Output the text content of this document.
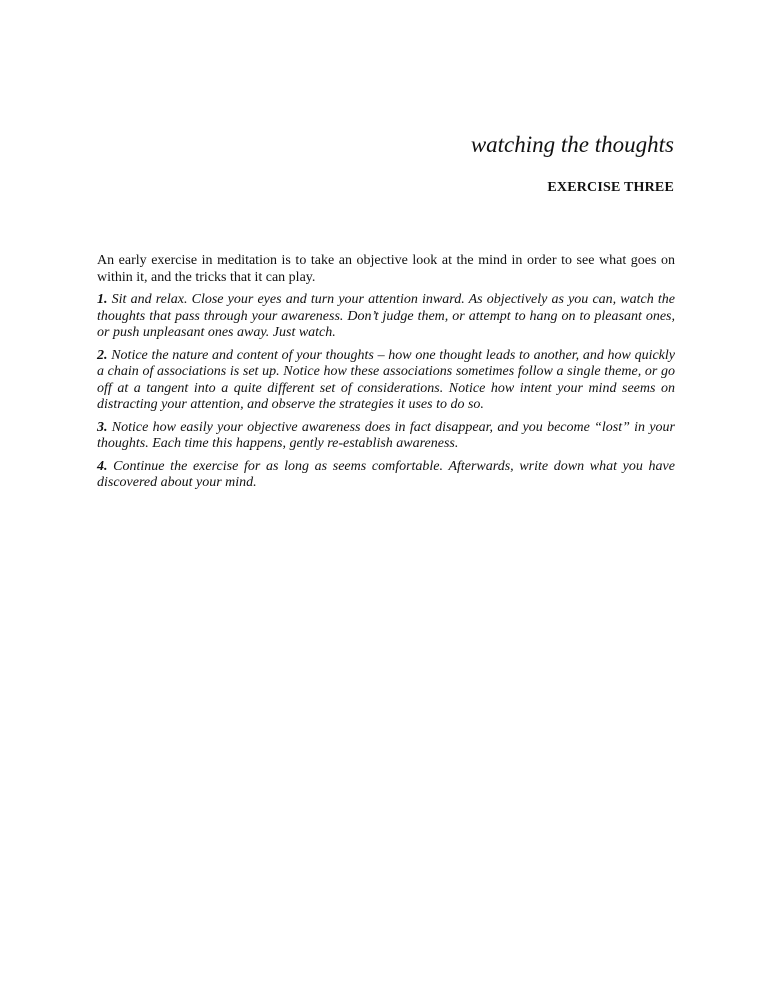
watching the thoughts
EXERCISE THREE

An early exercise in meditation is to take an objective look at the mind in order to see what goes on within it, and the tricks that it can play.

1. Sit and relax. Close your eyes and turn your attention inward. As objectively as you can, watch the thoughts that pass through your awareness. Don’t judge them, or attempt to hang on to pleasant ones, or push unpleasant ones away. Just watch.

2. Notice the nature and content of your thoughts – how one thought leads to another, and how quickly a chain of associations is set up. Notice how these associations sometimes follow a single theme, or go off at a tangent into a quite different set of considerations. Notice how intent your mind seems on distracting your attention, and observe the strategies it uses to do so.

3. Notice how easily your objective awareness does in fact disappear, and you become “lost” in your thoughts. Each time this happens, gently re-establish awareness.

4. Continue the exercise for as long as seems comfortable. Afterwards, write down what you have discovered about your mind.
